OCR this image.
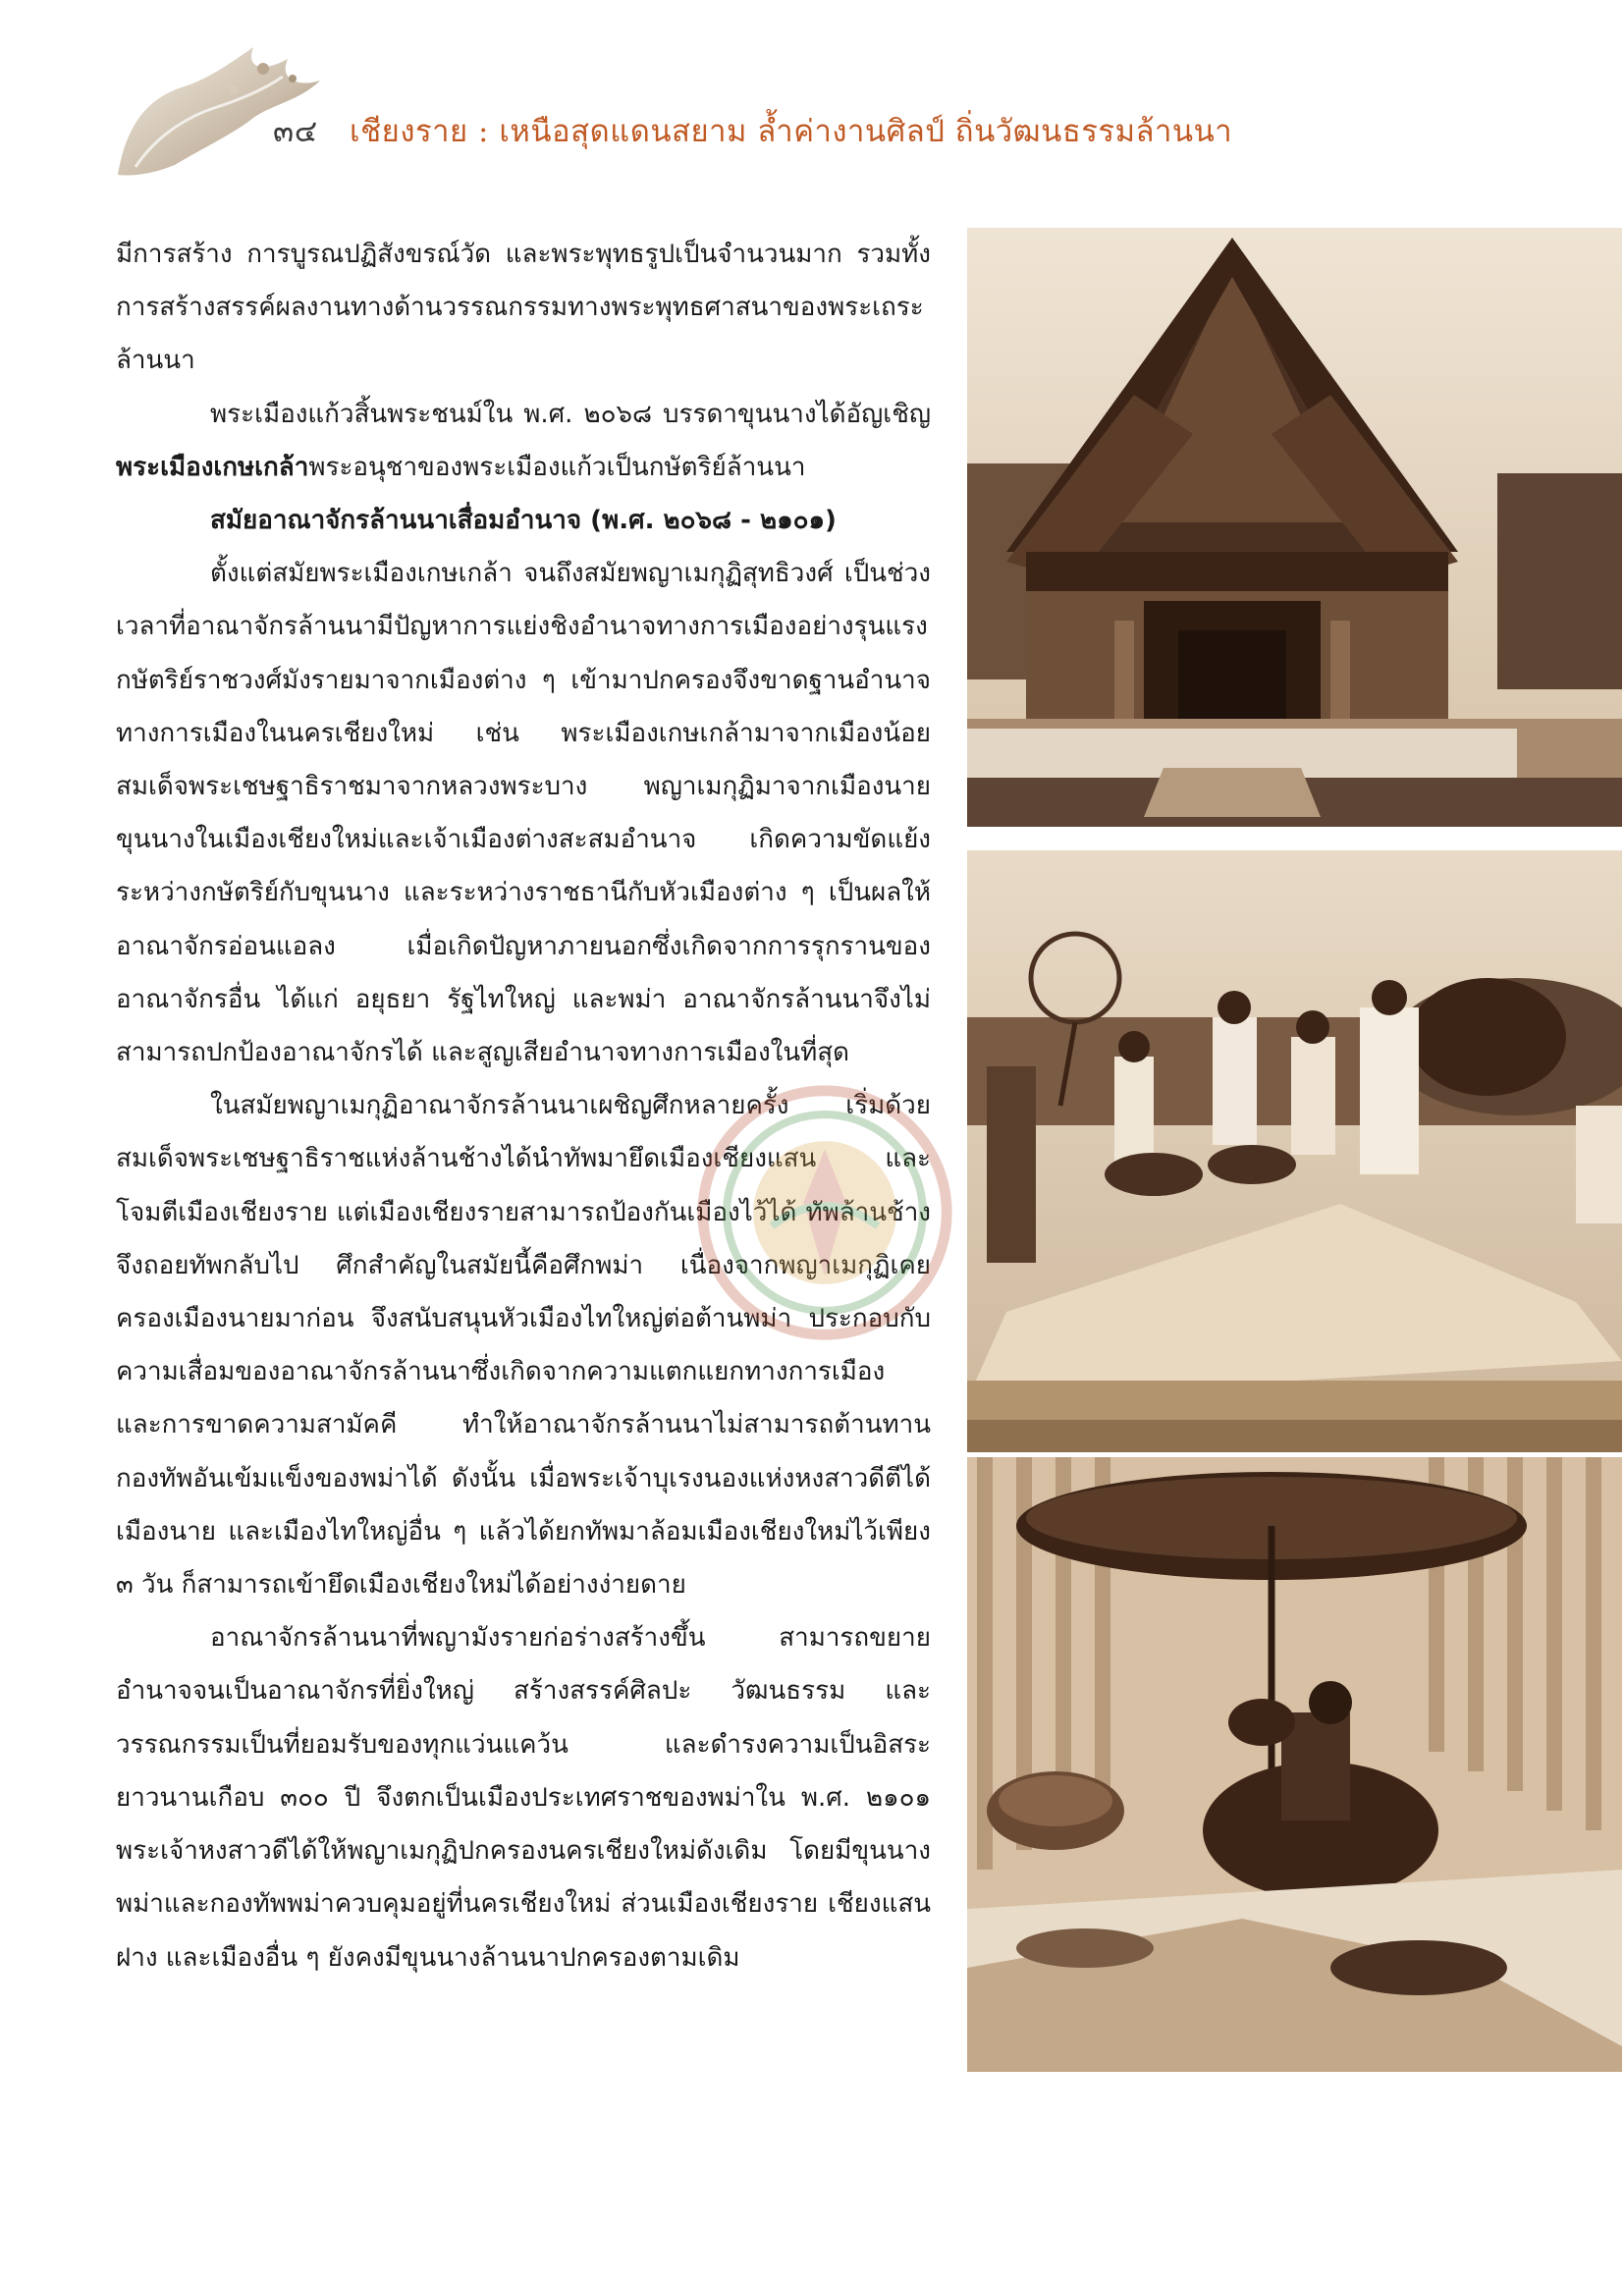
๓๔ เชียงราย : เหนือสุดแดนสยาม ล้ำค่างานศิลป์ ถิ่นวัฒนธรรมล้านนา

มีการสร้าง การบูรณปฏิสังขรณ์วัด และพระพุทธรูปเป็นจำนวนมาก รวมทั้งการสร้างสรรค์ผลงานทางด้านวรรณกรรมทางพระพุทธศาสนาของพระเถระล้านนา

พระเมืองแก้วสิ้นพระชนม์ใน พ.ศ. ๒๐๖๘ บรรดาขุนนางได้อัญเชิญ พระเมืองเกษเกล้าพระอนุชาของพระเมืองแก้วเป็นกษัตริย์ล้านนา

สมัยอาณาจักรล้านนาเสื่อมอำนาจ (พ.ศ. ๒๐๖๘ - ๒๑๐๑)

ตั้งแต่สมัยพระเมืองเกษเกล้า จนถึงสมัยพญาเมกุฏิสุทธิวงศ์ เป็นช่วงเวลาที่อาณาจักรล้านนามีปัญหาการแย่งชิงอำนาจทางการเมืองอย่างรุนแรง กษัตริย์ราชวงศ์มังรายมาจากเมืองต่าง ๆ เข้ามาปกครองจึงขาดฐานอำนาจทางการเมืองในนครเชียงใหม่ เช่น พระเมืองเกษเกล้ามาจากเมืองน้อย สมเด็จพระเชษฐาธิราชมาจากหลวงพระบาง พญาเมกุฏิมาจากเมืองนาย ขุนนางในเมืองเชียงใหม่และเจ้าเมืองต่างสะสมอำนาจ เกิดความขัดแย้งระหว่างกษัตริย์กับขุนนาง และระหว่างราชธานีกับหัวเมืองต่าง ๆ เป็นผลให้อาณาจักรอ่อนแอลง เมื่อเกิดปัญหาภายนอกซึ่งเกิดจากการรุกรานของอาณาจักรอื่น ได้แก่ อยุธยา รัฐไทใหญ่ และพม่า อาณาจักรล้านนาจึงไม่สามารถปกป้องอาณาจักรได้ และสูญเสียอำนาจทางการเมืองในที่สุด

ในสมัยพญาเมกุฏิอาณาจักรล้านนาเผชิญศึกหลายครั้ง เริ่มด้วยสมเด็จพระเชษฐาธิราชแห่งล้านช้างได้นำทัพมายึดเมืองเชียงแสน และโจมตีเมืองเชียงราย แต่เมืองเชียงรายสามารถป้องกันเมืองไว้ได้ ทัพล้านช้างจึงถอยทัพกลับไป ศึกสำคัญในสมัยนี้คือศึกพม่า เนื่องจากพญาเมกุฏิเคยครองเมืองนายมาก่อน จึงสนับสนุนหัวเมืองไทใหญ่ต่อต้านพม่า ประกอบกับความเสื่อมของอาณาจักรล้านนาซึ่งเกิดจากความแตกแยกทางการเมือง และการขาดความสามัคคี ทำให้อาณาจักรล้านนาไม่สามารถต้านทานกองทัพอันเข้มแข็งของพม่าได้ ดังนั้น เมื่อพระเจ้าบุเรงนองแห่งหงสาวดีตีได้เมืองนาย และเมืองไทใหญ่อื่น ๆ แล้วได้ยกทัพมาล้อมเมืองเชียงใหม่ไว้เพียง ๓ วัน ก็สามารถเข้ายึดเมืองเชียงใหม่ได้อย่างง่ายดาย

อาณาจักรล้านนาที่พญามังรายก่อร่างสร้างขึ้น สามารถขยายอำนาจจนเป็นอาณาจักรที่ยิ่งใหญ่ สร้างสรรค์ศิลปะ วัฒนธรรม และวรรณกรรมเป็นที่ยอมรับของทุกแว่นแคว้น และดำรงความเป็นอิสระยาวนานเกือบ ๓๐๐ ปี จึงตกเป็นเมืองประเทศราชของพม่าใน พ.ศ. ๒๑๐๑ พระเจ้าหงสาวดีได้ให้พญาเมกุฏิปกครองนครเชียงใหม่ดังเดิม โดยมีขุนนางพม่าและกองทัพพม่าควบคุมอยู่ที่นครเชียงใหม่ ส่วนเมืองเชียงราย เชียงแสน ฝาง และเมืองอื่น ๆ ยังคงมีขุนนางล้านนาปกครองตามเดิม
